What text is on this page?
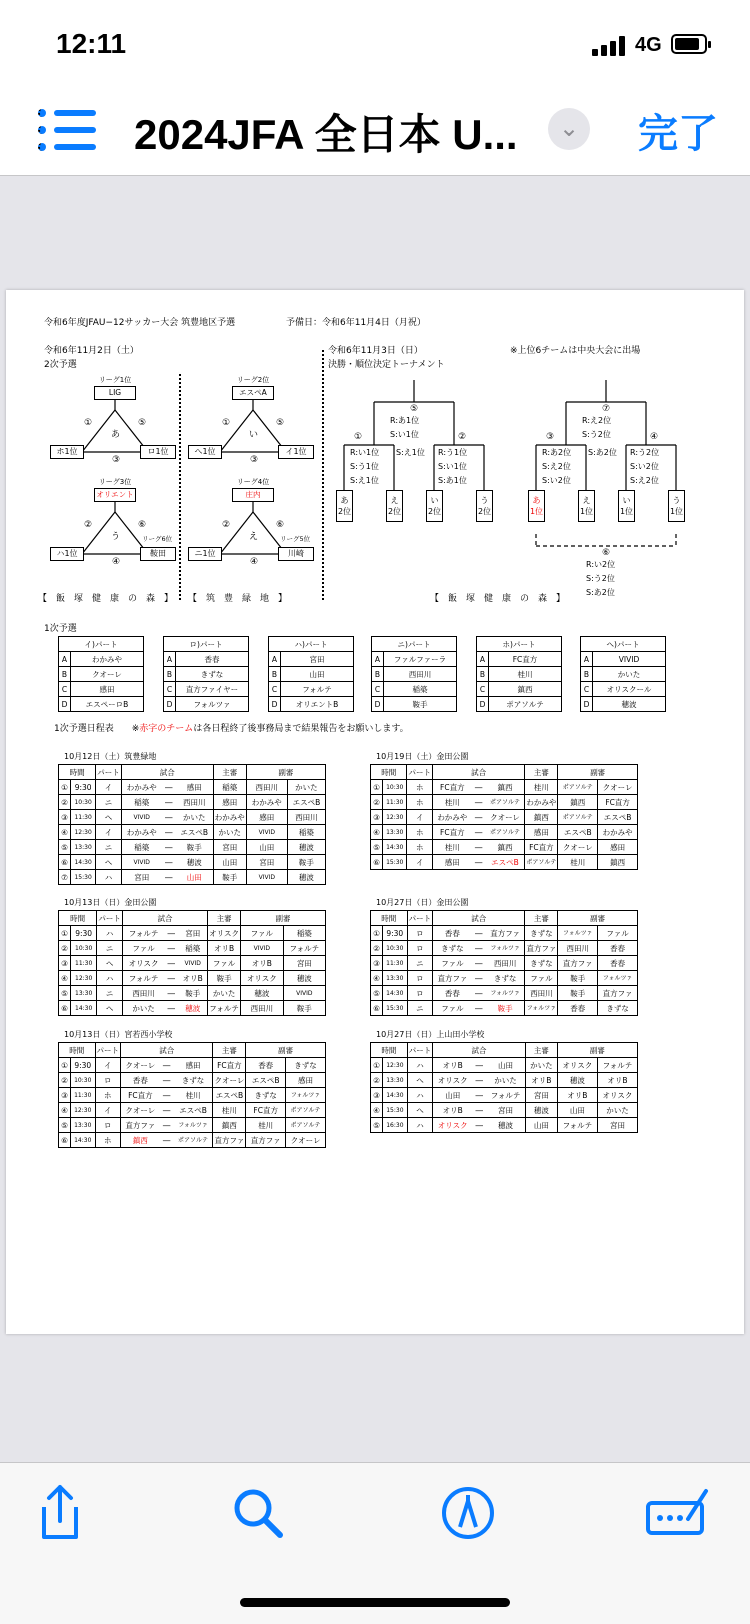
12:11	4G
2024JFA 全日本 U...	⌄ 完了
令和6年度JFAU−12サッカー大会 筑豊地区予選	予備日：令和6年11月4日（月祝）
令和6年11月2日（土）
2次予選
令和6年11月3日（日）
決勝・順位決定トーナメント
※上位6チームは中央大会に出場
リーグ1位
LIG
あ
①
③
⑤
ホ1位	ロ1位
リーグ2位
エスペA
い
①
③
⑤
へ1位	イ1位
リーグ3位
オリエント
う
②
④
⑥
ハ1位	鞍田
リーグ6位
リーグ4位
庄内
え
②
④
⑥
ニ1位	川崎
リーグ5位
【　飯　塚　健　康　の　森　】 【　筑　豊　緑　地　】	【　飯　塚　健　康　の　森　】
⑤
R:あ1位
S:い1位
①	②
R:い1位
S:う1位
S:え1位
S:え1位 R:う1位
S:い1位
S:あ1位
あ
2位
え
2位
い
2位
う
2位
⑦
R:え2位
S:う2位
③	④
R:あ2位
S:え2位
S:い2位
S:あ2位 R:う2位
S:い2位
S:え2位
あ
1位
え
1位
い
1位
う
1位
⑥
R:い2位
S:う2位
S:あ2位
1次予選
イ)パート	
A	わかみや
B	クオーレ
C	感田
D	エスペーロB
ロ)パート	
A	香春
B	きずな
C	直方ファイヤー
D	フォルツァ
ハ)パート	
A	宮田
B	山田
C	フォルテ
D	オリエントB
ニ)パート	
A	ファルファーラ
B	西田川
C	稲築
D	鞍手
ホ)パート	
A	FC直方
B	桂川
C	鎮西
D	ポアソルテ
へ)パート	
A	VIVID
B	かいた
C	オリスクール
D	穂波
1次予選日程表　　 ※赤字のチームは各日程終了後事務局まで結果報告をお願いします。
10月12日（土）筑豊緑地
時間		パート	試合			主審	副審	
①	9:30	イ	わかみや	―	感田	稲築	西田川	かいた
②	10:30	ニ	稲築	―	西田川	感田	わかみや	エスペB
③	11:30	へ	VIVID	―	かいた	わかみや	感田	西田川
④	12:30	イ	わかみや	―	エスペB	かいた	VIVID	稲築
⑤	13:30	ニ	稲築	―	鞍手	宮田	山田	穂波
⑥	14:30	へ	VIVID	―	穂波	山田	宮田	鞍手
⑦	15:30	ハ	宮田	―	山田	鞍手	VIVID	穂波
10月19日（土）金田公園
時間		パート	試合			主審	副審	
①	10:30	ホ	FC直方	―	鎮西	桂川	ポアソルテ	クオーレ
②	11:30	ホ	桂川	―	ポアソルテ	わかみや	鎮西	FC直方
③	12:30	イ	わかみや	―	クオーレ	鎮西	ポアソルテ	エスペB
④	13:30	ホ	FC直方	―	ポアソルテ	感田	エスペB	わかみや
⑤	14:30	ホ	桂川	―	鎮西	FC直方	クオーレ	感田
⑥	15:30	イ	感田	―	エスペB	ポアソルテ	桂川	鎮西
10月13日（日）金田公園
時間		パート	試合			主審	副審	
①	9:30	ハ	フォルテ	―	宮田	オリスク	ファル	稲築
②	10:30	ニ	ファル	―	稲築	オリB	VIVID	フォルテ
③	11:30	へ	オリスク	―	VIVID	ファル	オリB	宮田
④	12:30	ハ	フォルテ	―	オリB	鞍手	オリスク	穂波
⑤	13:30	ニ	西田川	―	鞍手	かいた	穂波	VIVID
⑥	14:30	へ	かいた	―	穂波	フォルテ	西田川	鞍手
10月27日（日）金田公園
時間		パート	試合			主審	副審	
①	9:30	ロ	香春	―	直方ファ	きずな	フォルツァ	ファル
②	10:30	ロ	きずな	―	フォルツァ	直方ファ	西田川	香春
③	11:30	ニ	ファル	―	西田川	きずな	直方ファ	香春
④	13:30	ロ	直方ファ	―	きずな	ファル	鞍手	フォルツァ
⑤	14:30	ロ	香春	―	フォルツァ	西田川	鞍手	直方ファ
⑥	15:30	ニ	ファル	―	鞍手	フォルツァ	香春	きずな
10月13日（日）宮若西小学校
時間		パート	試合			主審	副審	
①	9:30	イ	クオーレ	―	感田	FC直方	香春	きずな
②	10:30	ロ	香春	―	きずな	クオーレ	エスペB	感田
③	11:30	ホ	FC直方	―	桂川	エスペB	きずな	フォルツァ
④	12:30	イ	クオーレ	―	エスペB	桂川	FC直方	ポアソルテ
⑤	13:30	ロ	直方ファ	―	フォルツァ	鎮西	桂川	ポアソルテ
⑥	14:30	ホ	鎮西	―	ポアソルテ	直方ファ	直方ファ	クオーレ
10月27日（日）上山田小学校
時間		パート	試合			主審	副審	
①	12:30	ハ	オリB	―	山田	かいた	オリスク	フォルテ
②	13:30	へ	オリスク	―	かいた	オリB	穂波	オリB
③	14:30	ハ	山田	―	フォルテ	宮田	オリB	オリスク
④	15:30	へ	オリB	―	宮田	穂波	山田	かいた
⑤	16:30	ハ	オリスク	―	穂波	山田	フォルテ	宮田
